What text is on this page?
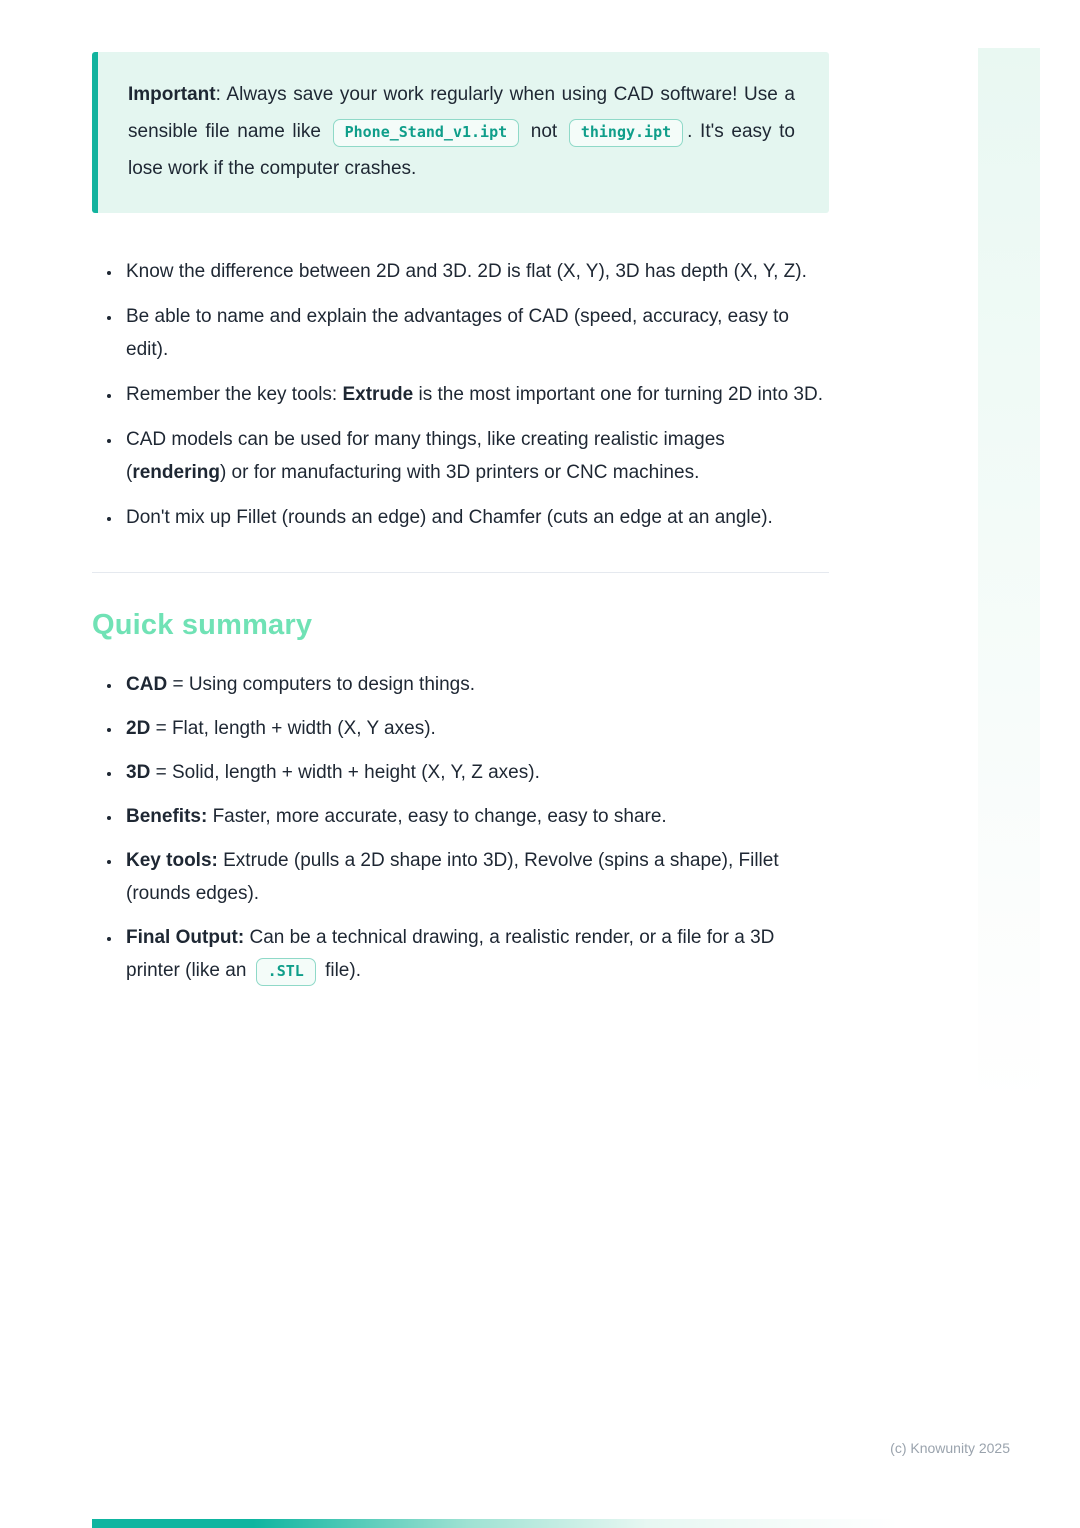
Important: Always save your work regularly when using CAD software! Use a sensible file name like Phone_Stand_v1.ipt not thingy.ipt . It's easy to lose work if the computer crashes.
• Know the difference between 2D and 3D. 2D is flat (X, Y), 3D has depth (X, Y, Z).
• Be able to name and explain the advantages of CAD (speed, accuracy, easy to edit).
• Remember the key tools: Extrude is the most important one for turning 2D into 3D.
• CAD models can be used for many things, like creating realistic images (rendering) or for manufacturing with 3D printers or CNC machines.
• Don't mix up Fillet (rounds an edge) and Chamfer (cuts an edge at an angle).
Quick summary
• CAD = Using computers to design things.
• 2D = Flat, length + width (X, Y axes).
• 3D = Solid, length + width + height (X, Y, Z axes).
• Benefits: Faster, more accurate, easy to change, easy to share.
• Key tools: Extrude (pulls a 2D shape into 3D), Revolve (spins a shape), Fillet (rounds edges).
• Final Output: Can be a technical drawing, a realistic render, or a file for a 3D printer (like an .STL file).
(c) Knowunity 2025
